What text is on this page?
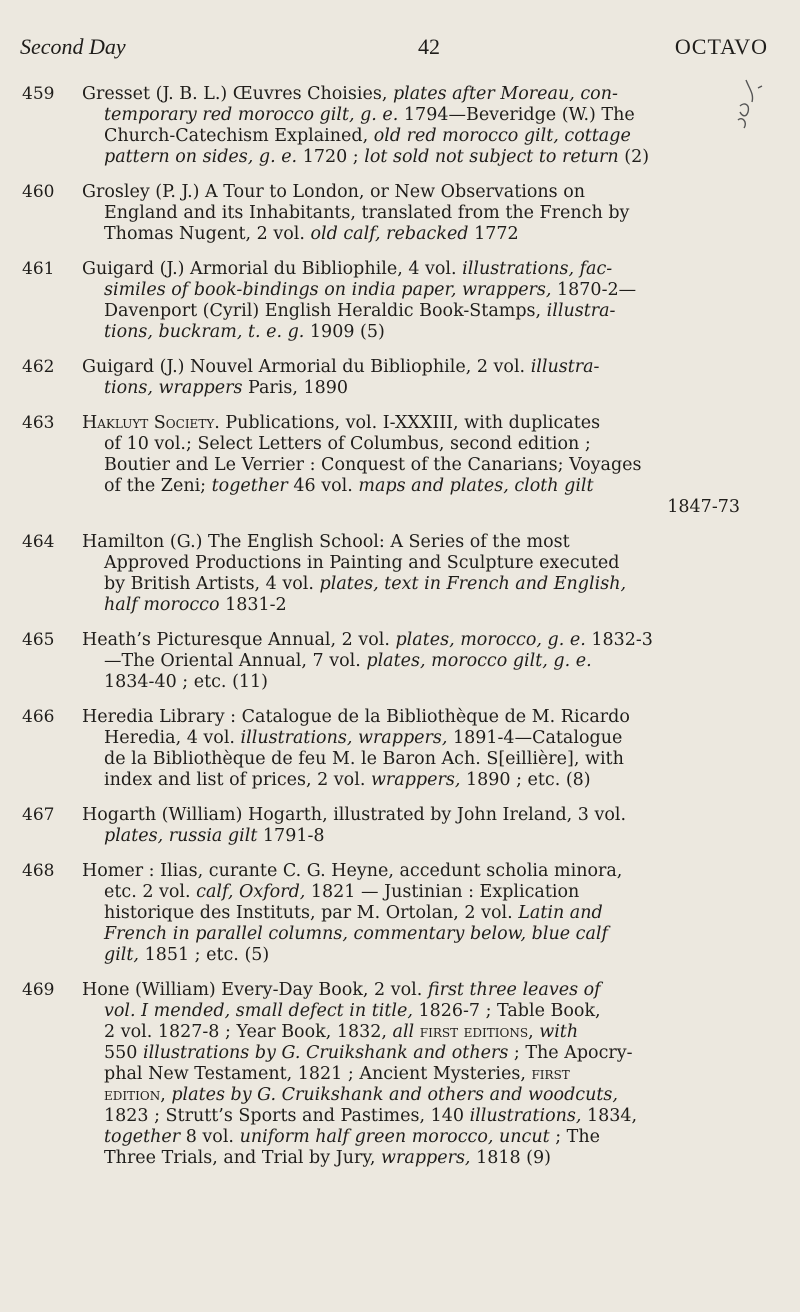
Second Day	42	OCTAVO
459	Gresset (J. B. L.) Œuvres Choisies, plates after Moreau, con-
temporary red morocco gilt, g. e. 1794—Beveridge (W.) The
Church-Catechism Explained, old red morocco gilt, cottage
pattern on sides, g. e. 1720 ; lot sold not subject to return (2)
460	Grosley (P. J.) A Tour to London, or New Observations on
England and its Inhabitants, translated from the French by
Thomas Nugent, 2 vol. old calf, rebacked 1772
461	Guigard (J.) Armorial du Bibliophile, 4 vol. illustrations, fac-
similes of book-bindings on india paper, wrappers, 1870-2—
Davenport (Cyril) English Heraldic Book-Stamps, illustra-
tions, buckram, t. e. g. 1909 (5)
462	Guigard (J.) Nouvel Armorial du Bibliophile, 2 vol. illustra-
tions, wrappers Paris, 1890
463	Hakluyt Society. Publications, vol. I-XXXIII, with duplicates
of 10 vol.; Select Letters of Columbus, second edition ;
Boutier and Le Verrier : Conquest of the Canarians; Voyages
of the Zeni; together 46 vol. maps and plates, cloth gilt
1847-73
464	Hamilton (G.) The English School: A Series of the most
Approved Productions in Painting and Sculpture executed
by British Artists, 4 vol. plates, text in French and English,
half morocco 1831-2
465	Heath’s Picturesque Annual, 2 vol. plates, morocco, g. e. 1832-3
—The Oriental Annual, 7 vol. plates, morocco gilt, g. e.
1834-40 ; etc. (11)
466	Heredia Library : Catalogue de la Bibliothèque de M. Ricardo
Heredia, 4 vol. illustrations, wrappers, 1891-4—Catalogue
de la Bibliothèque de feu M. le Baron Ach. S[eillière], with
index and list of prices, 2 vol. wrappers, 1890 ; etc. (8)
467	Hogarth (William) Hogarth, illustrated by John Ireland, 3 vol.
plates, russia gilt 1791-8
468	Homer : Ilias, curante C. G. Heyne, accedunt scholia minora,
etc. 2 vol. calf, Oxford, 1821 — Justinian : Explication
historique des Instituts, par M. Ortolan, 2 vol. Latin and
French in parallel columns, commentary below, blue calf
gilt, 1851 ; etc. (5)
469	Hone (William) Every-Day Book, 2 vol. first three leaves of
vol. I mended, small defect in title, 1826-7 ; Table Book,
2 vol. 1827-8 ; Year Book, 1832, all first editions, with
550 illustrations by G. Cruikshank and others ; The Apocry-
phal New Testament, 1821 ; Ancient Mysteries, first
edition, plates by G. Cruikshank and others and woodcuts,
1823 ; Strutt’s Sports and Pastimes, 140 illustrations, 1834,
together 8 vol. uniform half green morocco, uncut ; The
Three Trials, and Trial by Jury, wrappers, 1818 (9)
